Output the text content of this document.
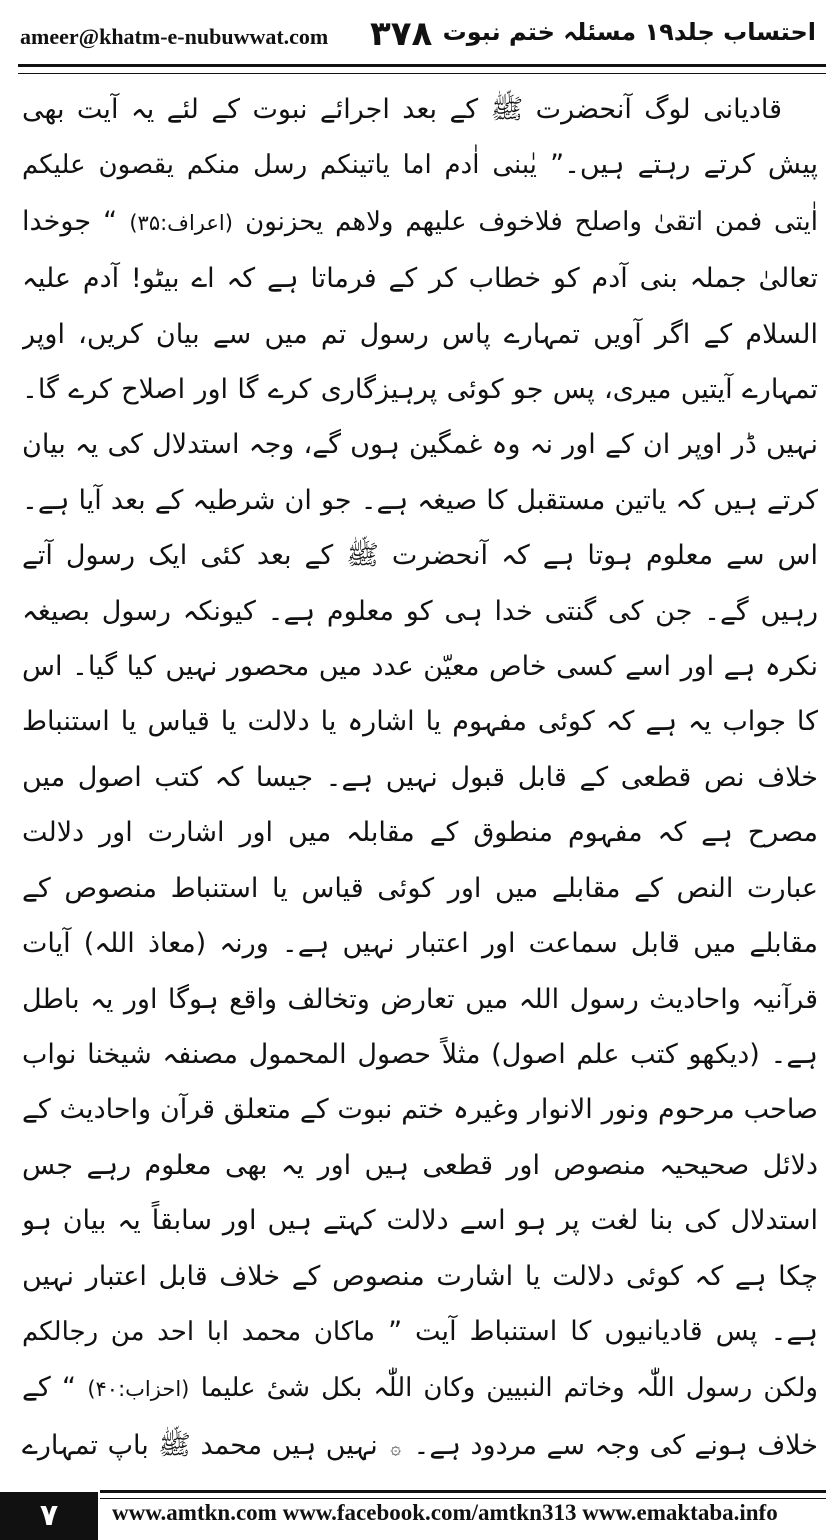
ameer@khatm-e-nubuwwat.com ۳۷۸ احتساب جلد۱۹ مسئلہ ختم نبوت

قادیانی لوگ آنحضرت ﷺ کے بعد اجرائے نبوت کے لئے یہ آیت بھی پیش کرتے رہتے ہیں۔” یٰبنی اٰدم اما یاتینکم رسل منکم یقصون علیکم اٰیتی فمن اتقیٰ واصلح فلاخوف علیھم ولاھم یحزنون (اعراف:۳۵) “ جوخدا تعالیٰ جملہ بنی آدم کو خطاب کر کے فرماتا ہے کہ اے بیٹو! آدم علیہ السلام کے اگر آویں تمہارے پاس رسول تم میں سے بیان کریں، اوپر تمہارے آیتیں میری، پس جو کوئی پرہیزگاری کرے گا اور اصلاح کرے گا۔ نہیں ڈر اوپر ان کے اور نہ وہ غمگین ہوں گے، وجہ استدلال کی یہ بیان کرتے ہیں کہ یاتین مستقبل کا صیغہ ہے۔ جو ان شرطیہ کے بعد آیا ہے۔ اس سے معلوم ہوتا ہے کہ آنحضرت ﷺ کے بعد کئی ایک رسول آتے رہیں گے۔ جن کی گنتی خدا ہی کو معلوم ہے۔ کیونکہ رسول بصیغہ نکرہ ہے اور اسے کسی خاص معیّن عدد میں محصور نہیں کیا گیا۔ اس کا جواب یہ ہے کہ کوئی مفہوم یا اشارہ یا دلالت یا قیاس یا استنباط خلاف نص قطعی کے قابل قبول نہیں ہے۔ جیسا کہ کتب اصول میں مصرح ہے کہ مفہوم منطوق کے مقابلہ میں اور اشارت اور دلالت عبارت النص کے مقابلے میں اور کوئی قیاس یا استنباط منصوص کے مقابلے میں قابل سماعت اور اعتبار نہیں ہے۔ ورنہ (معاذ اللہ) آیات قرآنیہ واحادیث رسول اللہ میں تعارض وتخالف واقع ہوگا اور یہ باطل ہے۔ (دیکھو کتب علم اصول) مثلاً حصول المحمول مصنفہ شیخنا نواب صاحب مرحوم ونور الانوار وغیرہ ختم نبوت کے متعلق قرآن واحادیث کے دلائل صحیحیہ منصوص اور قطعی ہیں اور یہ بھی معلوم رہے جس استدلال کی بنا لغت پر ہو اسے دلالت کہتے ہیں اور سابقاً یہ بیان ہو چکا ہے کہ کوئی دلالت یا اشارت منصوص کے خلاف قابل اعتبار نہیں ہے۔ پس قادیانیوں کا استنباط آیت ” ماکان محمد ابا احد من رجالکم ولکن رسول اللّٰہ وخاتم النبیین وکان اللّٰہ بکل شیٔ علیما (احزاب:۴۰) “ کے خلاف ہونے کی وجہ سے مردود ہے۔ ۞ نہیں ہیں محمد ﷺ باپ تمہارے

۷	www.amtkn.com www.facebook.com/amtkn313 www.emaktaba.info
